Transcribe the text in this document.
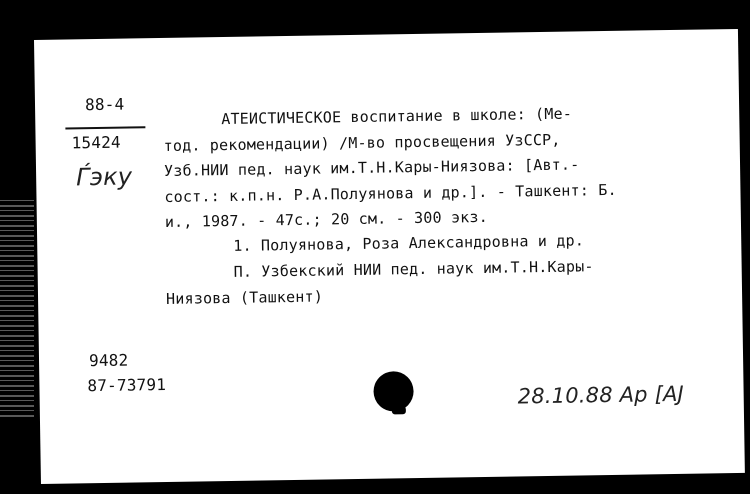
88-4
15424
Ѓэку
АТЕИСТИЧЕСКОЕ воспитание в школе: (Ме-
тод. рекомендации) /М-во просвещения УзССР,
Узб.НИИ пед. наук им.Т.Н.Кары-Ниязова: [Авт.-
сост.: к.п.н. Р.А.Полуянова и др.]. - Ташкент: Б.
и., 1987. - 47с.; 20 см. - 300 экз.
1. Полуянова, Роза Александровна и др.
П. Узбекский НИИ пед. наук им.Т.Н.Кары-
Ниязова (Ташкент)
9482
87-73791	28.10.88 Ар [АЈ
